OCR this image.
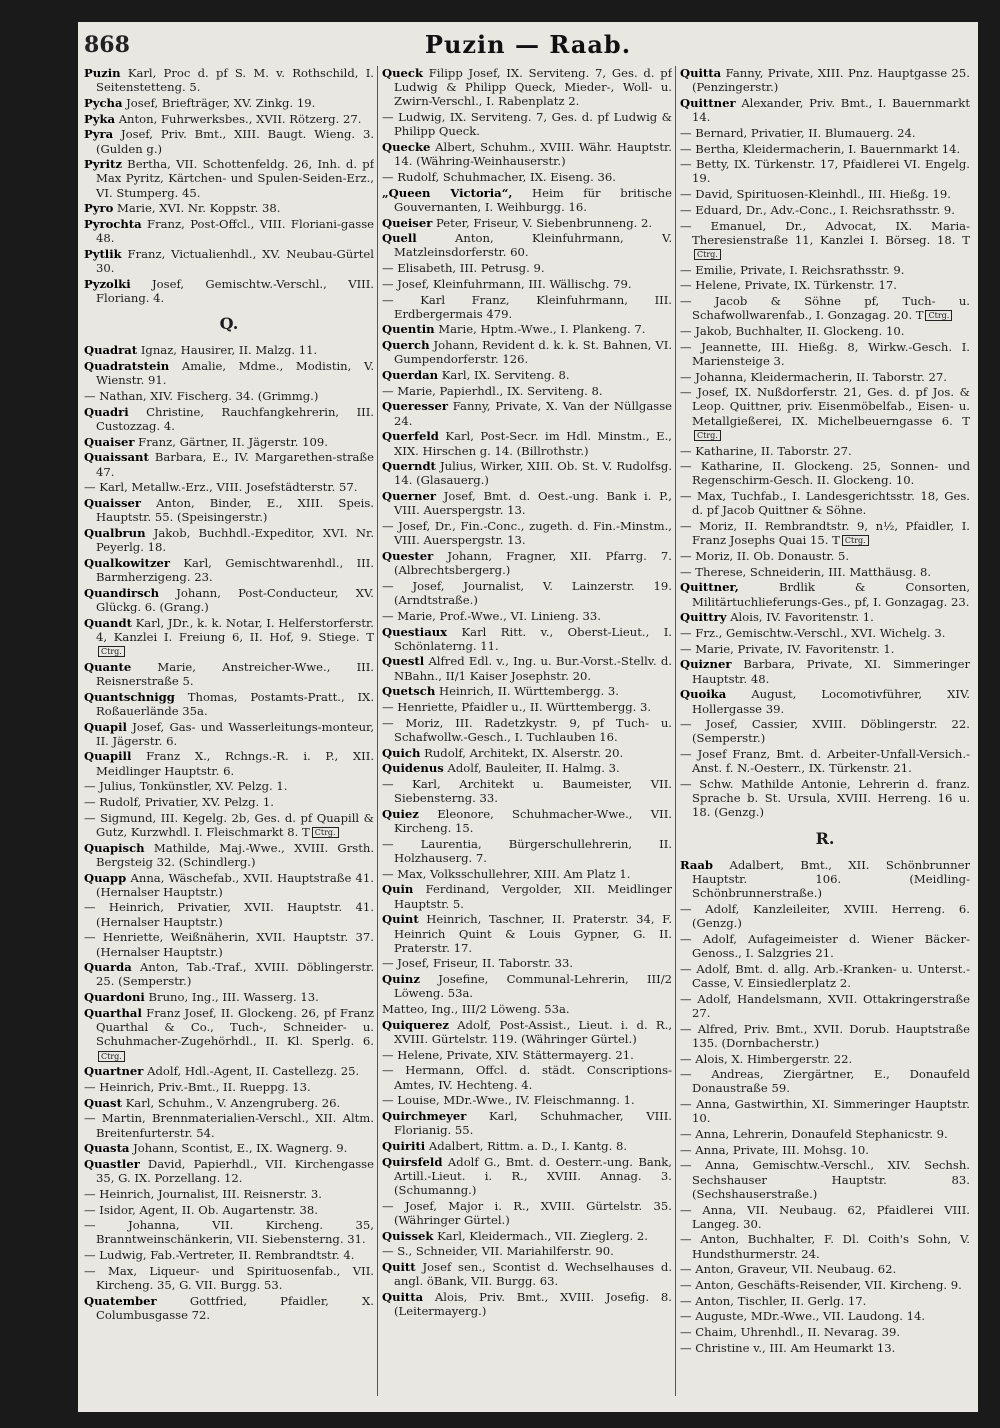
868	Puzin — Raab.
Puzin Karl, Proc d. pf S. M. v. Rothschild, I. Seitenstetteng. 5.
Pycha Josef, Briefträger, XV. Zinkg. 19.
Pyka Anton, Fuhrwerksbes., XVII. Rötzerg. 27.
Pyra Josef, Priv. Bmt., XIII. Baugt. Wieng. 3. (Gulden g.)
Pyritz Bertha, VII. Schottenfeldg. 26, Inh. d. pf Max Pyritz, Kärtchen- und Spulen-Seiden-Erz., VI. Stumperg. 45.
Pyro Marie, XVI. Nr. Koppstr. 38.
Pyrochta Franz, Post-Offcl., VIII. Floriani-gasse 48.
Pytlik Franz, Victualienhdl., XV. Neubau-Gürtel 30.
Pyzolki Josef, Gemischtw.-Verschl., VIII. Floriang. 4.
Q.
Quadrat Ignaz, Hausirer, II. Malzg. 11.
Quadratstein Amalie, Mdme., Modistin, V. Wienstr. 91.
— Nathan, XIV. Fischerg. 34. (Grimmg.)
Quadri Christine, Rauchfangkehrerin, III. Custozzag. 4.
Quaiser Franz, Gärtner, II. Jägerstr. 109.
Quaissant Barbara, E., IV. Margarethen-straße 47.
— Karl, Metallw.-Erz., VIII. Josefstädterstr. 57.
Quaisser Anton, Binder, E., XIII. Speis. Hauptstr. 55. (Speisingerstr.)
Qualbrun Jakob, Buchhdl.-Expeditor, XVI. Nr. Peyerlg. 18.
Qualkowitzer Karl, Gemischtwarenhdl., III. Barmherzigeng. 23.
Quandirsch Johann, Post-Conducteur, XV. Glückg. 6. (Grang.)
Quandt Karl, JDr., k. k. Notar, I. Helferstorferstr. 4, Kanzlei I. Freiung 6, II. Hof, 9. Stiege. TCtrg.
Quante Marie, Anstreicher-Wwe., III. Reisnerstraße 5.
Quantschnigg Thomas, Postamts-Pratt., IX. Roßauerlände 35a.
Quapil Josef, Gas- und Wasserleitungs-monteur, II. Jägerstr. 6.
Quapill Franz X., Rchngs.-R. i. P., XII. Meidlinger Hauptstr. 6.
— Julius, Tonkünstler, XV. Pelzg. 1.
— Rudolf, Privatier, XV. Pelzg. 1.
— Sigmund, III. Kegelg. 2b, Ges. d. pf Quapill & Gutz, Kurzwhdl. I. Fleischmarkt 8. T Ctrg.
Quapisch Mathilde, Maj.-Wwe., XVIII. Grsth. Bergsteig 32. (Schindlerg.)
Quapp Anna, Wäschefab., XVII. Hauptstraße 41. (Hernalser Hauptstr.)
— Heinrich, Privatier, XVII. Hauptstr. 41. (Hernalser Hauptstr.)
— Henriette, Weißnäherin, XVII. Hauptstr. 37. (Hernalser Hauptstr.)
Quarda Anton, Tab.-Traf., XVIII. Döblingerstr. 25. (Semperstr.)
Quardoni Bruno, Ing., III. Wasserg. 13.
Quarthal Franz Josef, II. Glockeng. 26, pf Franz Quarthal & Co., Tuch-, Schneider- u. Schuhmacher-Zugehörhdl., II. Kl. Sperlg. 6.Ctrg.
Quartner Adolf, Hdl.-Agent, II. Castellezg. 25.
— Heinrich, Priv.-Bmt., II. Rueppg. 13.
Quast Karl, Schuhm., V. Anzengruberg. 26.
— Martin, Brennmaterialien-Verschl., XII. Altm. Breitenfurterstr. 54.
Quasta Johann, Scontist, E., IX. Wagnerg. 9.
Quastler David, Papierhdl., VII. Kirchengasse 35, G. IX. Porzellang. 12.
— Heinrich, Journalist, III. Reisnerstr. 3.
— Isidor, Agent, II. Ob. Augartenstr. 38.
— Johanna, VII. Kircheng. 35, Branntweinschänkerin, VII. Siebensterng. 31.
— Ludwig, Fab.-Vertreter, II. Rembrandtstr. 4.
— Max, Liqueur- und Spirituosenfab., VII. Kircheng. 35, G. VII. Burgg. 53.
Quatember	Gottfried, Pfaidler, X. Columbusgasse 72.
Queck Filipp Josef, IX. Serviteng. 7, Ges. d. pf Ludwig & Philipp Queck, Mieder-, Woll- u. Zwirn-Verschl., I. Rabenplatz 2.
— Ludwig, IX. Serviteng. 7, Ges. d. pf Ludwig & Philipp Queck.
Quecke Albert, Schuhm., XVIII. Währ. Hauptstr. 14. (Währing-Weinhauserstr.)
— Rudolf, Schuhmacher, IX. Eiseng. 36.
„Queen Victoria“, Heim für britische Gouvernanten, I. Weihburgg. 16.
Queiser Peter, Friseur, V. Siebenbrunneng. 2.
Quell	Anton, Kleinfuhrmann, V. Matzleinsdorferstr. 60.
— Elisabeth, III. Petrusg. 9.
— Josef, Kleinfuhrmann, III. Wällischg. 79.
— Karl Franz, Kleinfuhrmann, III. Erdbergermais 479.
Quentin Marie, Hptm.-Wwe., I. Plankeng. 7.
Querch Johann, Revident d. k. k. St. Bahnen, VI. Gumpendorferstr. 126.
Querdan Karl, IX. Serviteng. 8.
— Marie, Papierhdl., IX. Serviteng. 8.
Queresser Fanny, Private, X. Van der Nüllgasse 24.
Querfeld Karl, Post-Secr. im Hdl. Minstm., E., XIX. Hirschen g. 14. (Billrothstr.)
Querndt Julius, Wirker, XIII. Ob. St. V. Rudolfsg. 14. (Glasauerg.)
Querner Josef, Bmt. d. Oest.-ung. Bank i. P., VIII. Auerspergstr. 13.
— Josef, Dr., Fin.-Conc., zugeth. d. Fin.-Minstm., VIII. Auerspergstr. 13.
Quester Johann, Fragner, XII. Pfarrg. 7. (Albrechtsbergerg.)
— Josef, Journalist, V. Lainzerstr. 19. (Arndtstraße.)
— Marie, Prof.-Wwe., VI. Linieng. 33.
Questiaux Karl Ritt. v., Oberst-Lieut., I. Schönlaterng. 11.
Questl Alfred Edl. v., Ing. u. Bur.-Vorst.-Stellv. d. NBahn., II/1 Kaiser Josephstr. 20.
Quetsch Heinrich, II. Württembergg. 3.
— Henriette, Pfaidler u., II. Württembergg. 3.
— Moriz, III. Radetzkystr. 9, pf Tuch- u. Schafwollw.-Gesch., I. Tuchlauben 16.
Quich Rudolf, Architekt, IX. Alserstr. 20.
Quidenus Adolf, Bauleiter, II. Halmg. 3.
— Karl, Architekt u. Baumeister, VII. Siebensterng. 33.
Quiez Eleonore, Schuhmacher-Wwe., VII. Kircheng. 15.
— Laurentia, Bürgerschullehrerin, II. Holzhauserg. 7.
— Max, Volksschullehrer, XIII. Am Platz 1.
Quin Ferdinand, Vergolder, XII. Meidlinger Hauptstr. 5.
Quint Heinrich, Taschner, II. Praterstr. 34, F. Heinrich Quint & Louis Gypner, G. II. Praterstr. 17.
— Josef, Friseur, II. Taborstr. 33.
Quinz Josefine, Communal-Lehrerin, III/2 Löweng. 53a.
Matteo, Ing., III/2 Löweng. 53a.
Quiquerez Adolf, Post-Assist., Lieut. i. d. R., XVIII. Gürtelstr. 119. (Währinger Gürtel.)
— Helene, Private, XIV. Stättermayerg. 21.
— Hermann, Offcl. d. städt. Conscriptions-Amtes, IV. Hechteng. 4.
— Louise, MDr.-Wwe., IV. Fleischmanng. 1.
Quirchmeyer Karl, Schuhmacher, VIII. Florianig. 55.
Quiriti Adalbert, Rittm. a. D., I. Kantg. 8.
Quirsfeld Adolf G., Bmt. d. Oesterr.-ung. Bank, Artill.-Lieut. i. R., XVIII. Annag. 3. (Schumanng.)
— Josef, Major i. R., XVIII. Gürtelstr. 35. (Währinger Gürtel.)
Quissek Karl, Kleidermach., VII. Zieglerg. 2.
— S., Schneider, VII. Mariahilferstr. 90.
Quitt Josef sen., Scontist d. Wechselhauses d. angl. öBank, VII. Burgg. 63.
Quitta Alois, Priv. Bmt., XVIII. Josefig. 8. (Leitermayerg.)
Quitta Fanny, Private, XIII. Pnz. Hauptgasse 25. (Penzingerstr.)
Quittner Alexander, Priv. Bmt., I. Bauernmarkt 14.
— Bernard, Privatier, II. Blumauerg. 24.
— Bertha, Kleidermacherin, I. Bauernmarkt 14.
— Betty, IX. Türkenstr. 17, Pfaidlerei VI. Engelg. 19.
— David, Spirituosen-Kleinhdl., III. Hießg. 19.
— Eduard, Dr., Adv.-Conc., I. Reichsrathsstr. 9.
— Emanuel, Dr., Advocat, IX. Maria-Theresienstraße 11, Kanzlei I. Börseg. 18. TCtrg.
— Emilie, Private, I. Reichsrathsstr. 9.
— Helene, Private, IX. Türkenstr. 17.
— Jacob & Söhne pf, Tuch- u. Schafwollwarenfab., I. Gonzagag. 20. T Ctrg.
— Jakob, Buchhalter, II. Glockeng. 10.
— Jeannette, III. Hießg. 8, Wirkw.-Gesch. I. Mariensteige 3.
— Johanna, Kleidermacherin, II. Taborstr. 27.
— Josef, IX. Nußdorferstr. 21, Ges. d. pf Jos. & Leop. Quittner, priv. Eisenmöbelfab., Eisen- u. Metallgießerei, IX. Michelbeuerngasse 6. TCtrg.
— Katharine, II. Taborstr. 27.
— Katharine, II. Glockeng. 25, Sonnen- und Regenschirm-Gesch. II. Glockeng. 10.
— Max, Tuchfab., I. Landesgerichtsstr. 18, Ges. d. pf Jacob Quittner & Söhne.
— Moriz, II. Rembrandtstr. 9, n½, Pfaidler, I. Franz Josephs Quai 15. T Ctrg.
— Moriz, II. Ob. Donaustr. 5.
— Therese, Schneiderin, III. Matthäusg. 8.
Quittner,	Brdlik & Consorten, Militärtuchlieferungs-Ges., pf, I. Gonzagag. 23.
Quittry Alois, IV. Favoritenstr. 1.
— Frz., Gemischtw.-Verschl., XVI. Wichelg. 3.
— Marie, Private, IV. Favoritenstr. 1.
Quizner Barbara, Private, XI. Simmeringer Hauptstr. 48.
Quoika August, Locomotivführer, XIV. Hollergasse 39.
— Josef, Cassier, XVIII. Döblingerstr. 22. (Semperstr.)
— Josef Franz, Bmt. d. Arbeiter-Unfall-Versich.-Anst. f. N.-Oesterr., IX. Türkenstr. 21.
— Schw. Mathilde Antonie, Lehrerin d. franz. Sprache b. St. Ursula, XVIII. Herreng. 16 u. 18. (Genzg.)
R.
Raab Adalbert, Bmt., XII. Schönbrunner Hauptstr. 106. (Meidling-Schönbrunnerstraße.)
— Adolf, Kanzleileiter, XVIII. Herreng. 6. (Genzg.)
— Adolf, Aufageimeister d. Wiener Bäcker-Genoss., I. Salzgries 21.
— Adolf, Bmt. d. allg. Arb.-Kranken- u. Unterst.-Casse, V. Einsiedlerplatz 2.
— Adolf, Handelsmann, XVII. Ottakringerstraße 27.
— Alfred, Priv. Bmt., XVII. Dorub. Hauptstraße 135. (Dornbacherstr.)
— Alois, X. Himbergerstr. 22.
— Andreas, Ziergärtner, E., Donaufeld Donaustraße 59.
— Anna, Gastwirthin, XI. Simmeringer Hauptstr. 10.
— Anna, Lehrerin, Donaufeld Stephanicstr. 9.
— Anna, Private, III. Mohsg. 10.
— Anna, Gemischtw.-Verschl., XIV. Sechsh. Sechshauser Hauptstr. 83. (Sechshauserstraße.)
— Anna, VII. Neubaug. 62, Pfaidlerei VIII. Langeg. 30.
— Anton, Buchhalter, F. Dl. Coith's Sohn, V. Hundsthurmerstr. 24.
— Anton, Graveur, VII. Neubaug. 62.
— Anton, Geschäfts-Reisender, VII. Kircheng. 9.
— Anton, Tischler, II. Gerlg. 17.
— Auguste, MDr.-Wwe., VII. Laudong. 14.
— Chaim, Uhrenhdl., II. Nevarag. 39.
— Christine v., III. Am Heumarkt 13.
